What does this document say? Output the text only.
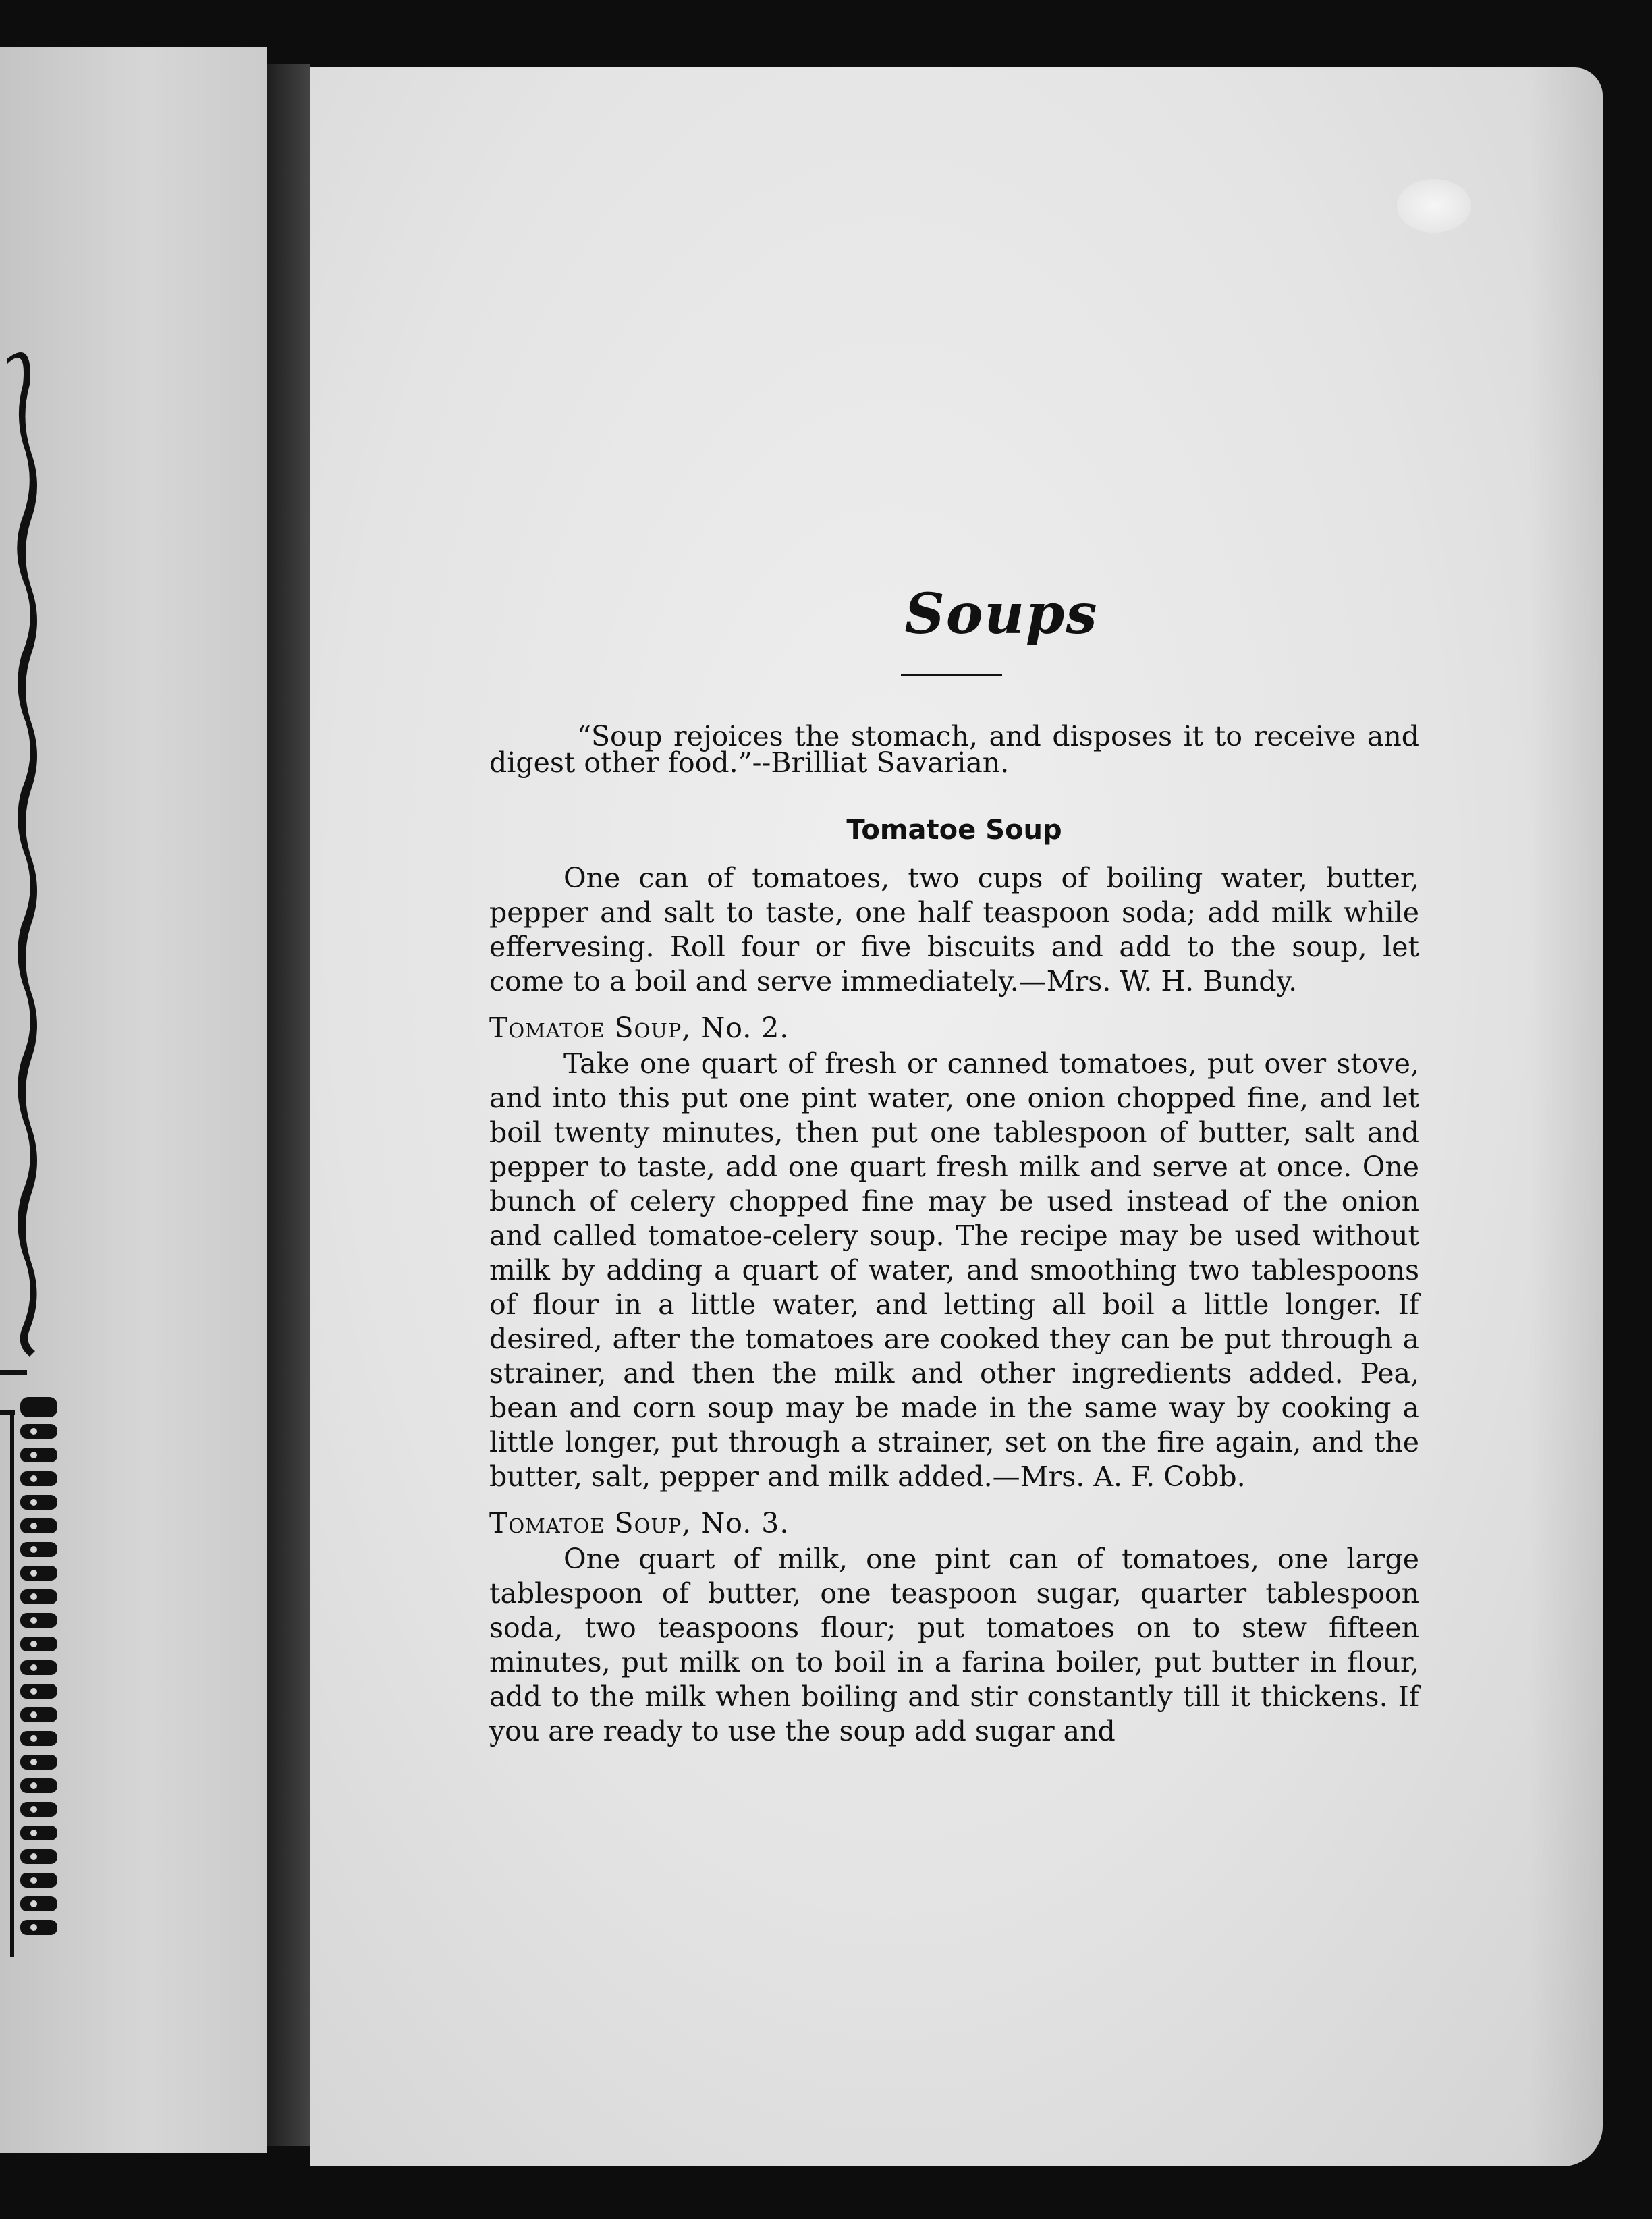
Soups

“Soup rejoices the stomach, and disposes it to receive and digest other food.”--Brilliat Savarian.

Tomatoe Soup

One can of tomatoes, two cups of boiling water, butter, pepper and salt to taste, one half teaspoon soda; add milk while effervesing. Roll four or five biscuits and add to the soup, let come to a boil and serve immediately.—Mrs. W. H. Bundy.

Tomatoe Soup, No. 2.

Take one quart of fresh or canned tomatoes, put over stove, and into this put one pint water, one onion chopped fine, and let boil twenty minutes, then put one tablespoon of butter, salt and pepper to taste, add one quart fresh milk and serve at once. One bunch of celery chopped fine may be used instead of the onion and called tomatoe-celery soup. The recipe may be used without milk by adding a quart of water, and smoothing two tablespoons of flour in a little water, and letting all boil a little longer. If desired, after the tomatoes are cooked they can be put through a strainer, and then the milk and other ingredients added. Pea, bean and corn soup may be made in the same way by cooking a little longer, put through a strainer, set on the fire again, and the butter, salt, pepper and milk added.—Mrs. A. F. Cobb.

Tomatoe Soup, No. 3.

One quart of milk, one pint can of tomatoes, one large tablespoon of butter, one teaspoon sugar, quarter tablespoon soda, two teaspoons flour; put tomatoes on to stew fifteen minutes, put milk on to boil in a farina boiler, put butter in flour, add to the milk when boiling and stir constantly till it thickens. If you are ready to use the soup add sugar and
